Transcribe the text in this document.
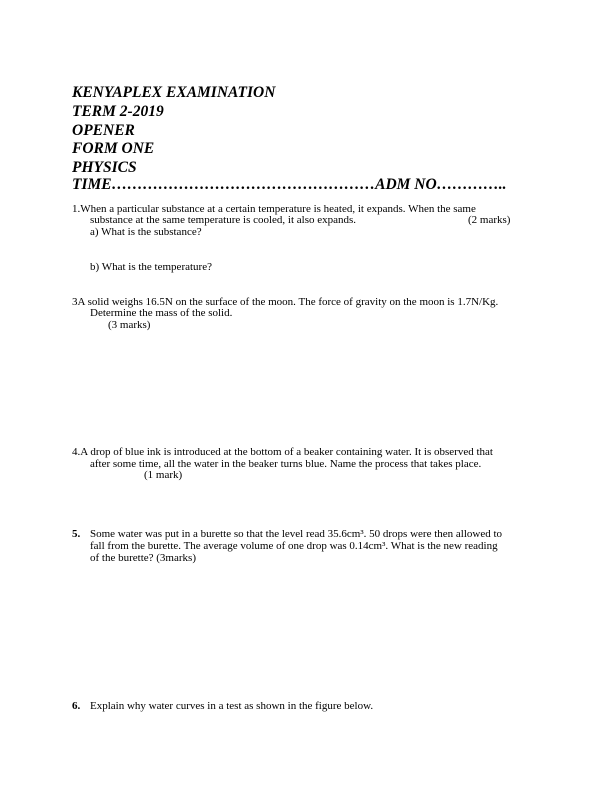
KENYAPLEX EXAMINATION
TERM 2-2019
OPENER
FORM ONE
PHYSICS
TIME……………………………………………ADM NO…………..
1.When a particular substance at a certain temperature is heated, it expands. When the same
substance at the same temperature is cooled, it also expands.	(2 marks)
a) What is the substance?
b) What is the temperature?
3A solid weighs 16.5N on the surface of the moon. The force of gravity on the moon is 1.7N/Kg.
Determine the mass of the solid.
(3 marks)
4.A drop of blue ink is introduced at the bottom of a beaker containing water. It is observed that
after some time, all the water in the beaker turns blue. Name the process that takes place.
(1 mark)
5. Some water was put in a burette so that the level read 35.6cm³. 50 drops were then allowed to
fall from the burette. The average volume of one drop was 0.14cm³. What is the new reading
of the burette? (3marks)
6. Explain why water curves in a test as shown in the figure below.
